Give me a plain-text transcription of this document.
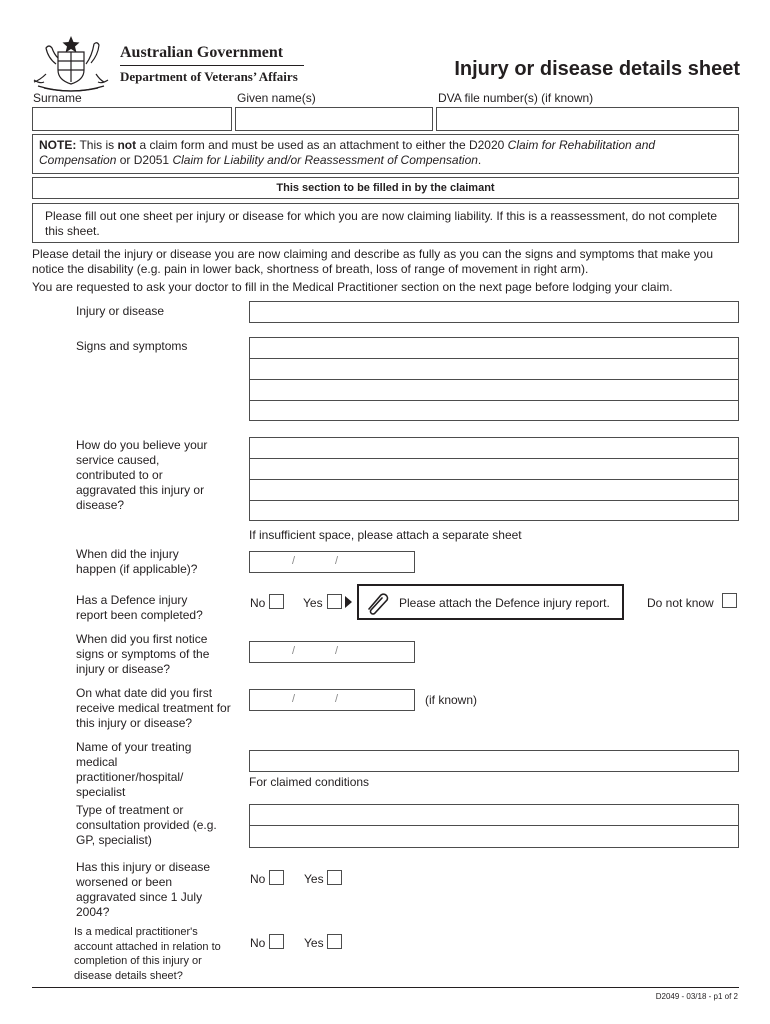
Australian Government
Department of Veterans’ Affairs	Injury or disease details sheet
Surname	Given name(s)	DVA file number(s) (if known)
NOTE: This is not a claim form and must be used as an attachment to either the D2020 Claim for Rehabilitation and Compensation or D2051 Claim for Liability and/or Reassessment of Compensation.
This section to be filled in by the claimant
Please fill out one sheet per injury or disease for which you are now claiming liability. If this is a reassessment, do not complete this sheet.
Please detail the injury or disease you are now claiming and describe as fully as you can the signs and symptoms that make you notice the disability (e.g. pain in lower back, shortness of breath, loss of range of movement in right arm).
You are requested to ask your doctor to fill in the Medical Practitioner section on the next page before lodging your claim.
Injury or disease
Signs and symptoms
How do you believe your service caused, contributed to or aggravated this injury or disease?
If insufficient space, please attach a separate sheet
When did the injury happen (if applicable)?
/	/
Has a Defence injury report been completed?
No	Yes	Please attach the Defence injury report.	Do not know
When did you first notice signs or symptoms of the injury or disease?
/	/
On what date did you first receive medical treatment for this injury or disease?
/	/	(if known)
Name of your treating medical practitioner/hospital/ specialist
For claimed conditions
Type of treatment or consultation provided (e.g. GP, specialist)
Has this injury or disease worsened or been aggravated since 1 July 2004?
No	Yes
Is a medical practitioner's account attached in relation to completion of this injury or disease details sheet?
No	Yes
D2049 - 03/18 - p1 of 2
